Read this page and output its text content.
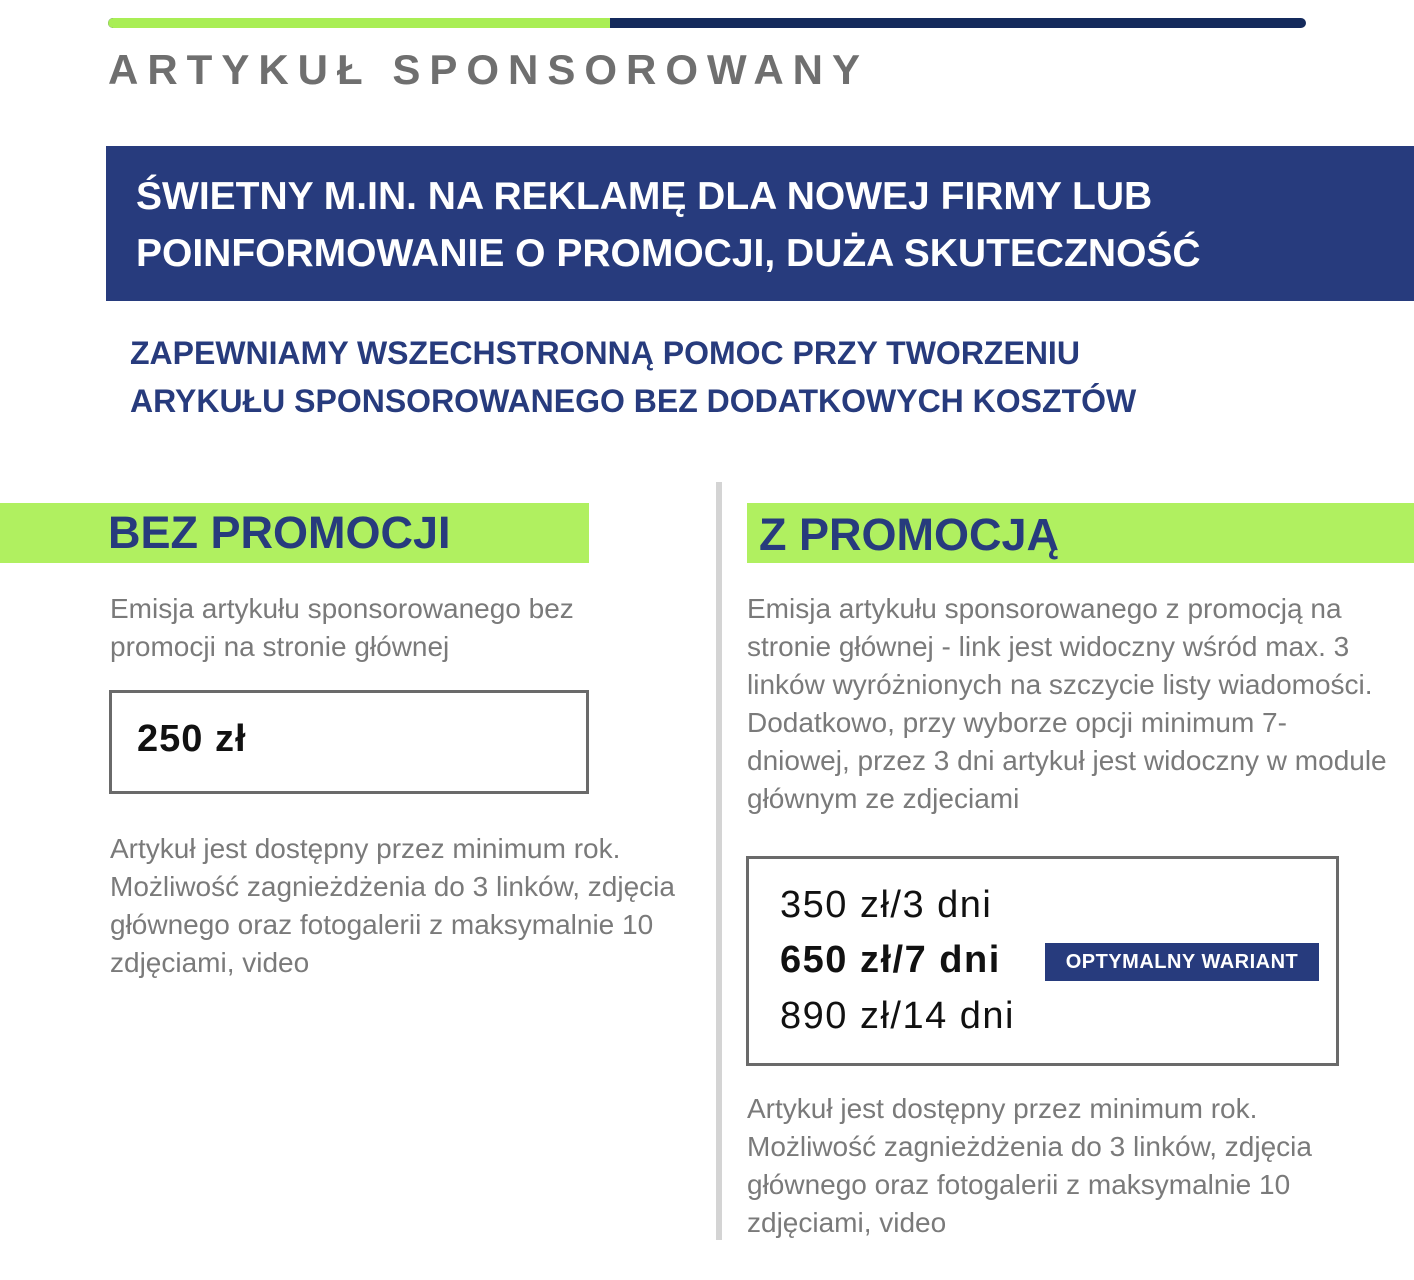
ARTYKUŁ SPONSOROWANY
ŚWIETNY M.IN. NA REKLAMĘ DLA NOWEJ FIRMY LUB
POINFORMOWANIE O PROMOCJI, DUŻA SKUTECZNOŚĆ
ZAPEWNIAMY WSZECHSTRONNĄ POMOC PRZY TWORZENIU
ARYKUŁU SPONSOROWANEGO BEZ DODATKOWYCH KOSZTÓW
BEZ PROMOCJI

Emisja artykułu sponsorowanego bez promocji na stronie głównej

250 zł

Artykuł jest dostępny przez minimum rok. Możliwość zagnieżdżenia do 3 linków, zdjęcia głównego oraz fotogalerii z maksymalnie 10 zdjęciami, video

Z PROMOCJĄ

Emisja artykułu sponsorowanego z promocją na stronie głównej - link jest widoczny wśród max. 3 linków wyróżnionych na szczycie listy wiadomości. Dodatkowo, przy wyborze opcji minimum 7-dniowej, przez 3 dni artykuł jest widoczny w module głównym ze zdjeciami

350 zł/3 dni
650 zł/7 dni	OPTYMALNY WARIANT
890 zł/14 dni

Artykuł jest dostępny przez minimum rok. Możliwość zagnieżdżenia do 3 linków, zdjęcia głównego oraz fotogalerii z maksymalnie 10 zdjęciami, video
